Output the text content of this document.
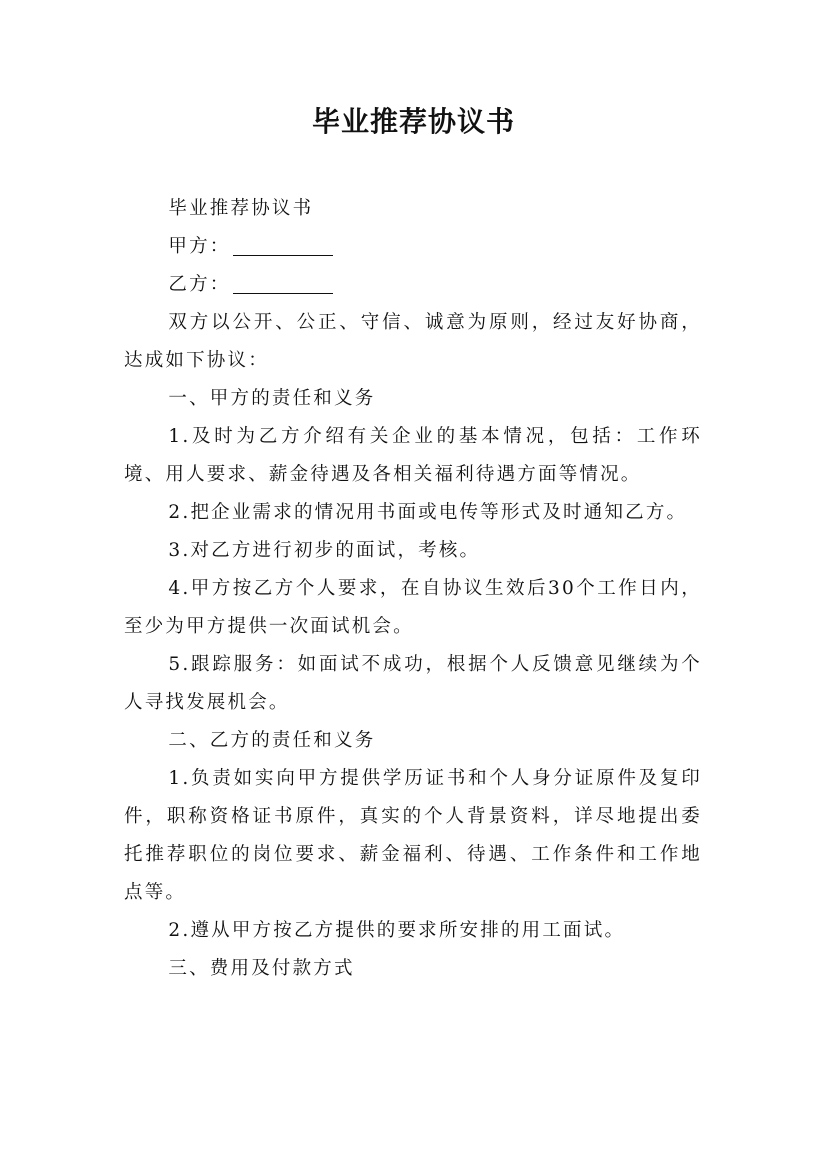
毕业推荐协议书

毕业推荐协议书

甲方：

乙方：

双方以公开、公正、守信、诚意为原则，经过友好协商，达成如下协议：

一、甲方的责任和义务

1.及时为乙方介绍有关企业的基本情况，包括：工作环境、用人要求、薪金待遇及各相关福利待遇方面等情况。

2.把企业需求的情况用书面或电传等形式及时通知乙方。

3.对乙方进行初步的面试，考核。

4.甲方按乙方个人要求，在自协议生效后30个工作日内，至少为甲方提供一次面试机会。

5.跟踪服务：如面试不成功，根据个人反馈意见继续为个人寻找发展机会。

二、乙方的责任和义务

1.负责如实向甲方提供学历证书和个人身分证原件及复印件，职称资格证书原件，真实的个人背景资料，详尽地提出委托推荐职位的岗位要求、薪金福利、待遇、工作条件和工作地点等。

2.遵从甲方按乙方提供的要求所安排的用工面试。

三、费用及付款方式
